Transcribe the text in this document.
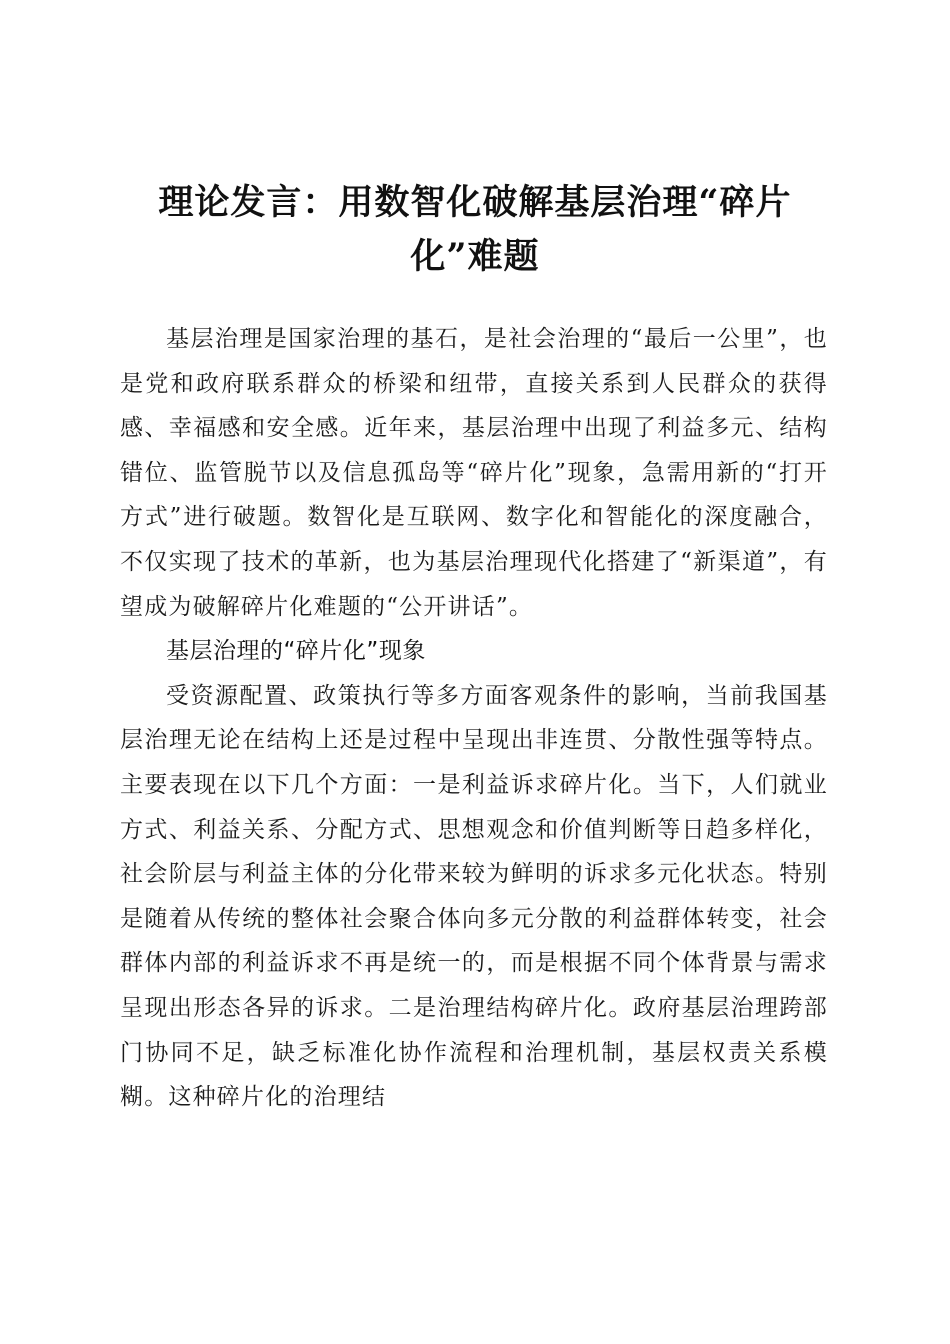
理论发言：用数智化破解基层治理“碎片
化”难题

基层治理是国家治理的基石，是社会治理的“最后一公里”，也是党和政府联系群众的桥梁和纽带，直接关系到人民群众的获得感、幸福感和安全感。近年来，基层治理中出现了利益多元、结构错位、监管脱节以及信息孤岛等“碎片化”现象，急需用新的“打开方式”进行破题。数智化是互联网、数字化和智能化的深度融合，不仅实现了技术的革新，也为基层治理现代化搭建了“新渠道”，有望成为破解碎片化难题的“公开讲话”。

基层治理的“碎片化”现象

受资源配置、政策执行等多方面客观条件的影响，当前我国基层治理无论在结构上还是过程中呈现出非连贯、分散性强等特点。主要表现在以下几个方面：一是利益诉求碎片化。当下，人们就业方式、利益关系、分配方式、思想观念和价值判断等日趋多样化，社会阶层与利益主体的分化带来较为鲜明的诉求多元化状态。特别是随着从传统的整体社会聚合体向多元分散的利益群体转变，社会群体内部的利益诉求不再是统一的，而是根据不同个体背景与需求呈现出形态各异的诉求。二是治理结构碎片化。政府基层治理跨部门协同不足，缺乏标准化协作流程和治理机制，基层权责关系模糊。这种碎片化的治理结
